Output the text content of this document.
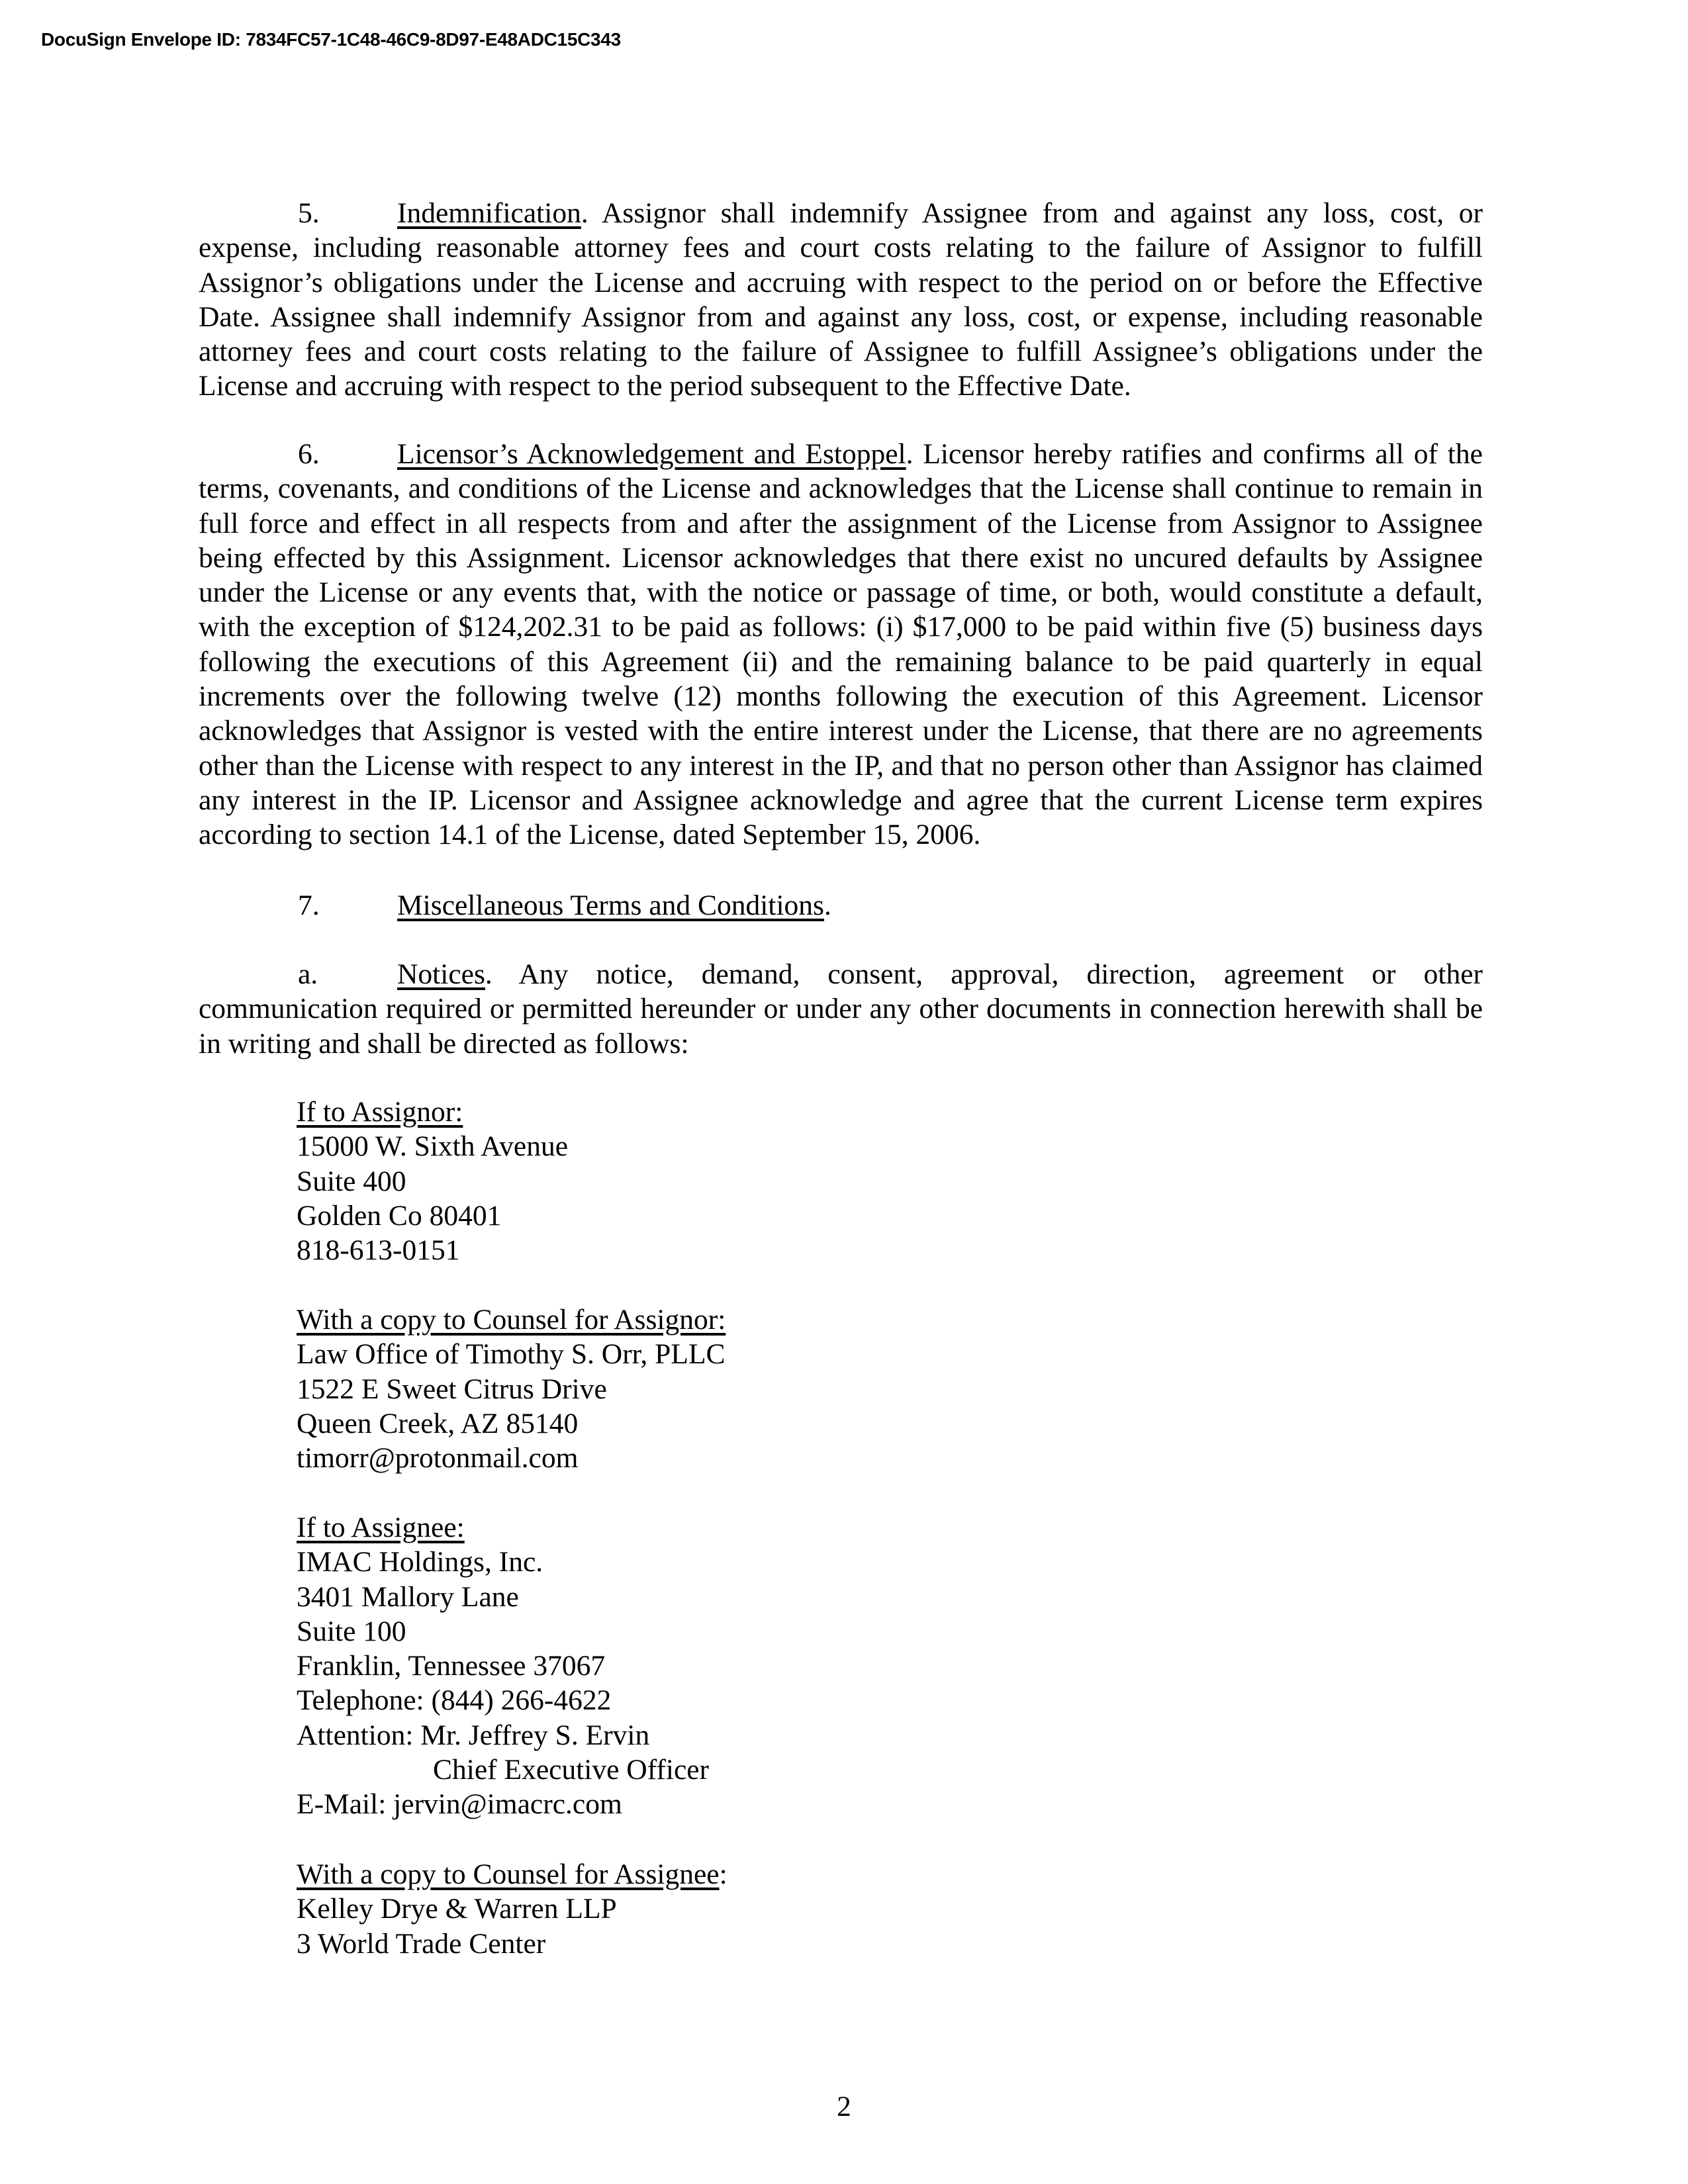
DocuSign Envelope ID: 7834FC57-1C48-46C9-8D97-E48ADC15C343

5.	Indemnification. Assignor shall indemnify Assignee from and against any loss, cost, or expense, including reasonable attorney fees and court costs relating to the failure of Assignor to fulfill Assignor’s obligations under the License and accruing with respect to the period on or before the Effective Date. Assignee shall indemnify Assignor from and against any loss, cost, or expense, including reasonable attorney fees and court costs relating to the failure of Assignee to fulfill Assignee’s obligations under the License and accruing with respect to the period subsequent to the Effective Date.

6.	Licensor’s Acknowledgement and Estoppel. Licensor hereby ratifies and confirms all of the terms, covenants, and conditions of the License and acknowledges that the License shall continue to remain in full force and effect in all respects from and after the assignment of the License from Assignor to Assignee being effected by this Assignment. Licensor acknowledges that there exist no uncured defaults by Assignee under the License or any events that, with the notice or passage of time, or both, would constitute a default, with the exception of $124,202.31 to be paid as follows: (i) $17,000 to be paid within five (5) business days following the executions of this Agreement (ii) and the remaining balance to be paid quarterly in equal increments over the following twelve (12) months following the execution of this Agreement. Licensor acknowledges that Assignor is vested with the entire interest under the License, that there are no agreements other than the License with respect to any interest in the IP, and that no person other than Assignor has claimed any interest in the IP. Licensor and Assignee acknowledge and agree that the current License term expires according to section 14.1 of the License, dated September 15, 2006.

7.	Miscellaneous Terms and Conditions.

a.	Notices. Any notice, demand, consent, approval, direction, agreement or other communication required or permitted hereunder or under any other documents in connection herewith shall be in writing and shall be directed as follows:

If to Assignor:
15000 W. Sixth Avenue
Suite 400
Golden Co 80401
818-613-0151
With a copy to Counsel for Assignor:
Law Office of Timothy S. Orr, PLLC
1522 E Sweet Citrus Drive
Queen Creek, AZ 85140
timorr@protonmail.com
If to Assignee:
IMAC Holdings, Inc.
3401 Mallory Lane
Suite 100
Franklin, Tennessee 37067
Telephone: (844) 266-4622
Attention: Mr. Jeffrey S. Ervin
Chief Executive Officer
E-Mail: jervin@imacrc.com
With a copy to Counsel for Assignee:
Kelley Drye & Warren LLP
3 World Trade Center
2
